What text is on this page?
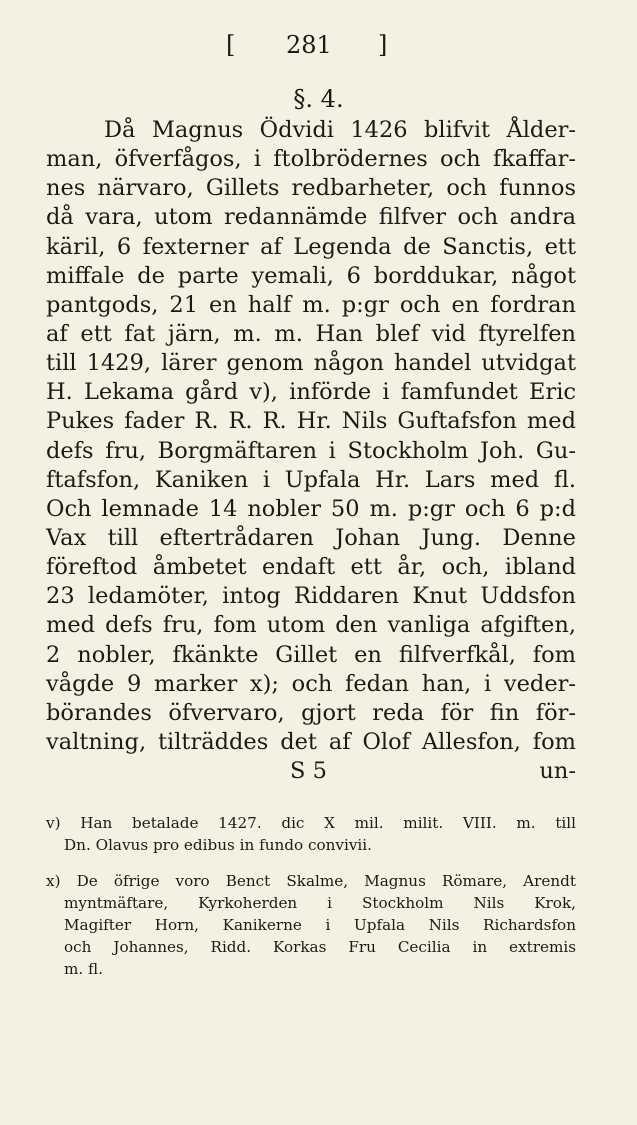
[ 281 ]
§. 4.
Då Magnus Ödvidi 1426 blifvit Ålder-
man, öfverfågos, i ftolbrödernes och fkaffar-
nes närvaro, Gillets redbarheter, och funnos
då vara, utom redannämde filfver och andra
käril, 6 fexterner af Legenda de Sanctis, ett
miffale de parte yemali, 6 borddukar, något
pantgods, 21 en half m. p:gr och en fordran
af ett fat järn, m. m. Han blef vid ftyrelfen
till 1429, lärer genom någon handel utvidgat
H. Lekama gård v), införde i famfundet Eric
Pukes fader R. R. R. Hr. Nils Guftafsfon med
defs fru, Borgmäftaren i Stockholm Joh. Gu-
ftafsfon, Kaniken i Upfala Hr. Lars med fl.
Och lemnade 14 nobler 50 m. p:gr och 6 p:d
Vax till eftertrådaren Johan Jung. Denne
föreftod åmbetet endaft ett år, och, ibland
23 ledamöter, intog Riddaren Knut Uddsfon
med defs fru, fom utom den vanliga afgiften,
2 nobler, fkänkte Gillet en filfverfkål, fom
vågde 9 marker x); och fedan han, i veder-
börandes öfvervaro, gjort reda för fin för-
valtning, tilträddes det af Olof Allesfon, fom
S 5	un-
v) Han betalade 1427. dic X mil. milit. VIII. m. till
Dn. Olavus pro edibus in fundo convivii.
x) De öfrige voro Benct Skalme, Magnus Römare, Arendt
myntmäftare, Kyrkoherden i Stockholm Nils Krok,
Magifter Horn, Kanikerne i Upfala Nils Richardsfon
och Johannes, Ridd. Korkas Fru Cecilia in extremis
m. fl.
